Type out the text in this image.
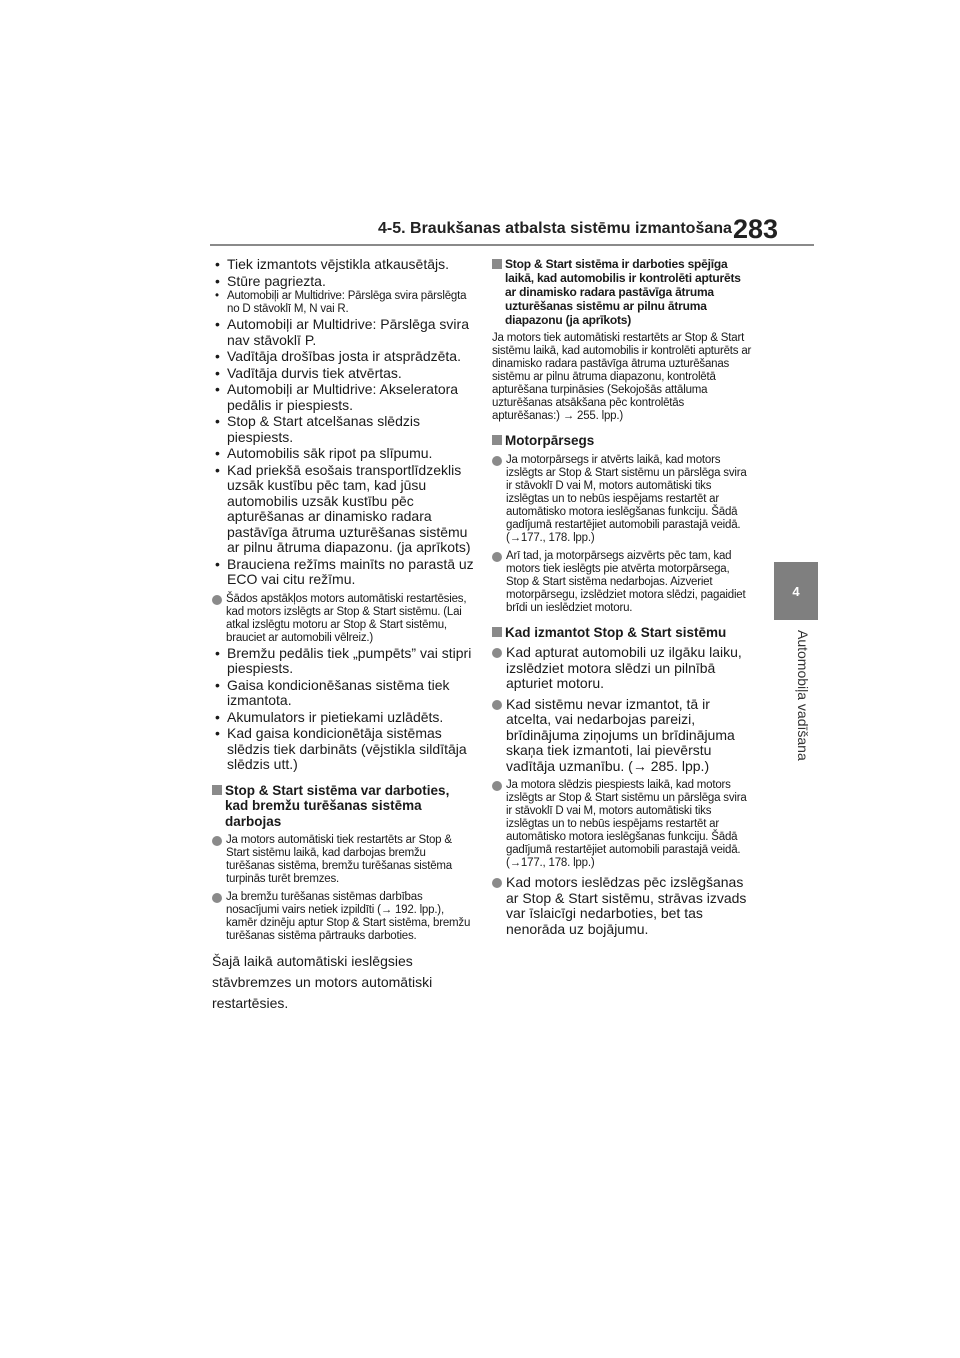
4-5. Braukšanas atbalsta sistēmu izmantošana 283
4
Automobiļa vadīšana
• Tiek izmantots vējstikla atkausētājs.
• Stūre pagriezta.
• Automobiļi ar Multidrive: Pārslēga svira pārslēgta no D stāvoklī M, N vai R.
• Automobiļi ar Multidrive: Pārslēga svira nav stāvoklī P.
• Vadītāja drošības josta ir atsprādzēta.
• Vadītāja durvis tiek atvērtas.
• Automobiļi ar Multidrive: Akseleratora pedālis ir piespiests.
• Stop & Start atcelšanas slēdzis piespiests.
• Automobilis sāk ripot pa slīpumu.
• Kad priekšā esošais transportlīdzeklis uzsāk kustību pēc tam, kad jūsu automobilis uzsāk kustību pēc apturēšanas ar dinamisko radara pastāvīga ātruma uzturēšanas sistēmu ar pilnu ātruma diapazonu. (ja aprīkots)
• Brauciena režīms mainīts no parastā uz ECO vai citu režīmu.
Šādos apstākļos motors automātiski restartēsies, kad motors izslēgts ar Stop & Start sistēmu. (Lai atkal izslēgtu motoru ar Stop & Start sistēmu, brauciet ar automobili vēlreiz.)
• Bremžu pedālis tiek „pumpēts” vai stipri piespiests.
• Gaisa kondicionēšanas sistēma tiek izmantota.
• Akumulators ir pietiekami uzlādēts.
• Kad gaisa kondicionētāja sistēmas slēdzis tiek darbināts (vējstikla sildītāja slēdzis utt.)
Stop & Start sistēma var darboties, kad bremžu turēšanas sistēma darbojas
Ja motors automātiski tiek restartēts ar Stop & Start sistēmu laikā, kad darbojas bremžu turēšanas sistēma, bremžu turēšanas sistēma turpinās turēt bremzes.
Ja bremžu turēšanas sistēmas darbības nosacījumi vairs netiek izpildīti (→ 192. lpp.), kamēr dzinēju aptur Stop & Start sistēma, bremžu turēšanas sistēma pārtrauks darboties.
Šajā laikā automātiski ieslēgsies stāvbremzes un motors automātiski restartēsies.
Stop & Start sistēma ir darboties spējīga laikā, kad automobilis ir kontrolēti apturēts ar dinamisko radara pastāvīga ātruma uzturēšanas sistēmu ar pilnu ātruma diapazonu (ja aprīkots)
Ja motors tiek automātiski restartēts ar Stop & Start sistēmu laikā, kad automobilis ir kontrolēti apturēts ar dinamisko radara pastāvīga ātruma uzturēšanas sistēmu ar pilnu ātruma diapazonu, kontrolētā apturēšana turpināsies (Sekojošās attāluma uzturēšanas atsākšana pēc kontrolētās apturēšanas:) → 255. lpp.)
Motorpārsegs
Ja motorpārsegs ir atvērts laikā, kad motors izslēgts ar Stop & Start sistēmu un pārslēga svira ir stāvoklī D vai M, motors automātiski tiks izslēgtas un to nebūs iespējams restartēt ar automātisko motora ieslēgšanas funkciju. Šādā gadījumā restartējiet automobili parastajā veidā. (→177., 178. lpp.)
Arī tad, ja motorpārsegs aizvērts pēc tam, kad motors tiek ieslēgts pie atvērta motorpārsega, Stop & Start sistēma nedarbojas. Aizveriet motorpārsegu, izslēdziet motora slēdzi, pagaidiet brīdi un ieslēdziet motoru.
Kad izmantot Stop & Start sistēmu
Kad apturat automobili uz ilgāku laiku, izslēdziet motora slēdzi un pilnībā apturiet motoru.
Kad sistēmu nevar izmantot, tā ir atcelta, vai nedarbojas pareizi, brīdinājuma ziņojums un brīdinājuma skaņa tiek izmantoti, lai pievērstu vadītāja uzmanību. (→ 285. lpp.)
Ja motora slēdzis piespiests laikā, kad motors izslēgts ar Stop & Start sistēmu un pārslēga svira ir stāvoklī D vai M, motors automātiski tiks izslēgtas un to nebūs iespējams restartēt ar automātisko motora ieslēgšanas funkciju. Šādā gadījumā restartējiet automobili parastajā veidā. (→177., 178. lpp.)
Kad motors ieslēdzas pēc izslēgšanas ar Stop & Start sistēmu, strāvas izvads var īslaicīgi nedarboties, bet tas nenorāda uz bojājumu.
